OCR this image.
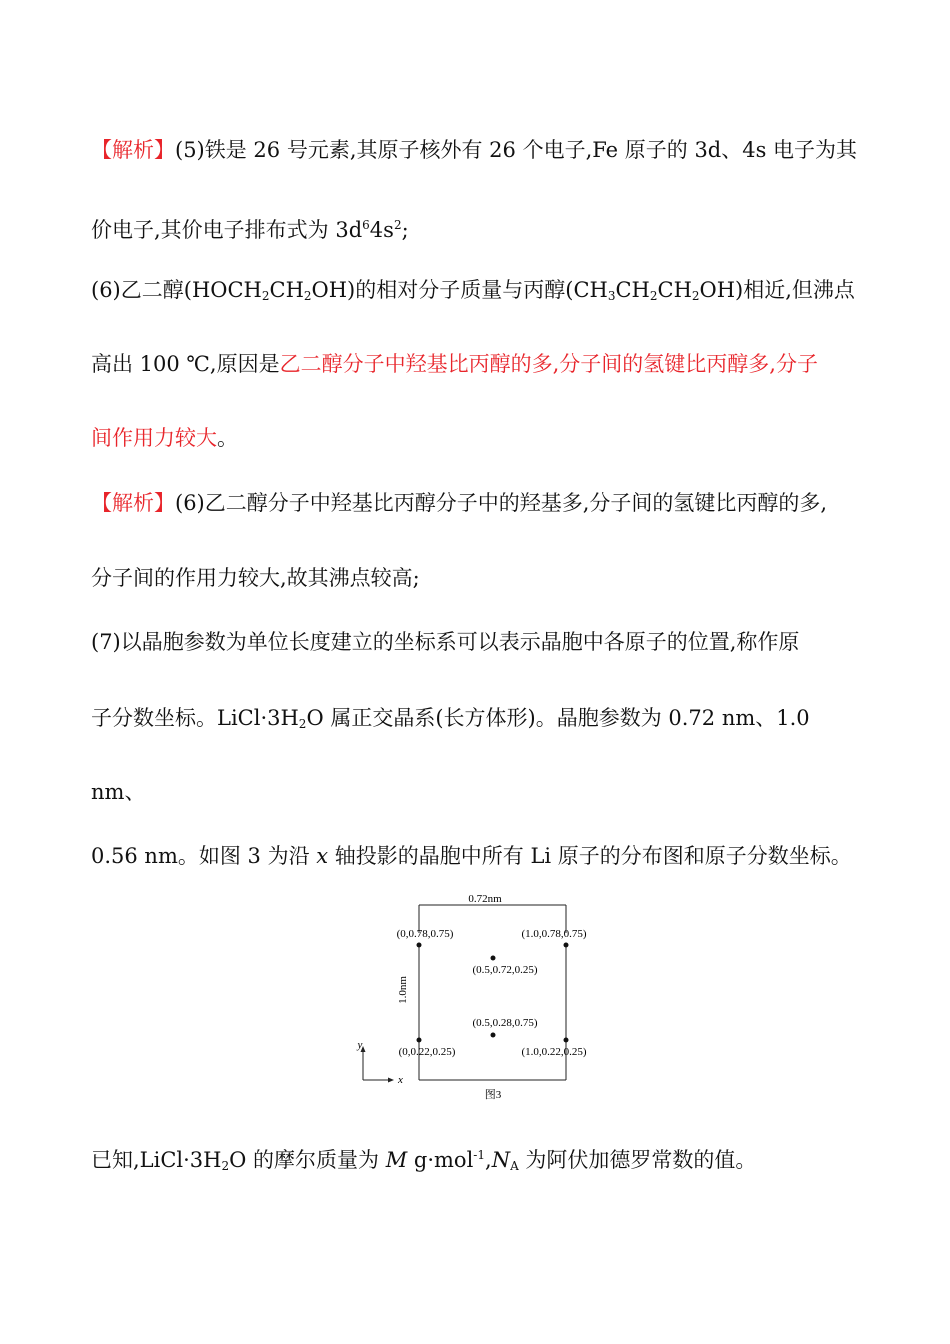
【解析】(5)铁是 26 号元素,其原子核外有 26 个电子,Fe 原子的 3d、4s 电子为其
价电子,其价电子排布式为 $3d^64s^2$;
(6)乙二醇$(HOCH_2CH_2OH)$的相对分子质量与丙醇$(CH_3CH_2CH_2OH)$相近,但沸点
高出 100 ℃,原因是乙二醇分子中羟基比丙醇的多,分子间的氢键比丙醇多,分子
间作用力较大。
【解析】(6)乙二醇分子中羟基比丙醇分子中的羟基多,分子间的氢键比丙醇的多,
分子间的作用力较大,故其沸点较高;
(7)以晶胞参数为单位长度建立的坐标系可以表示晶胞中各原子的位置,称作原
子分数坐标。$LiCl\cdot 3H_2O$ 属正交晶系(长方体形)。晶胞参数为 0.72 nm、1.0
nm、
0.56 nm。如图 3 为沿 x 轴投影的晶胞中所有 Li 原子的分布图和原子分数坐标。
0.72nm
1.0nm
(0,0.78,0.75)	(1.0,0.78,0.75)
(0.5,0.72,0.25)
(0.5,0.28,0.75)
(0,0.22,0.25)	(1.0,0.22,0.25)
y
x
图3
已知$,LiCl\cdot 3H_2O$ 的摩尔质量为 M $g\cdot mol^{-1},N_A$ 为阿伏加德罗常数的值。
